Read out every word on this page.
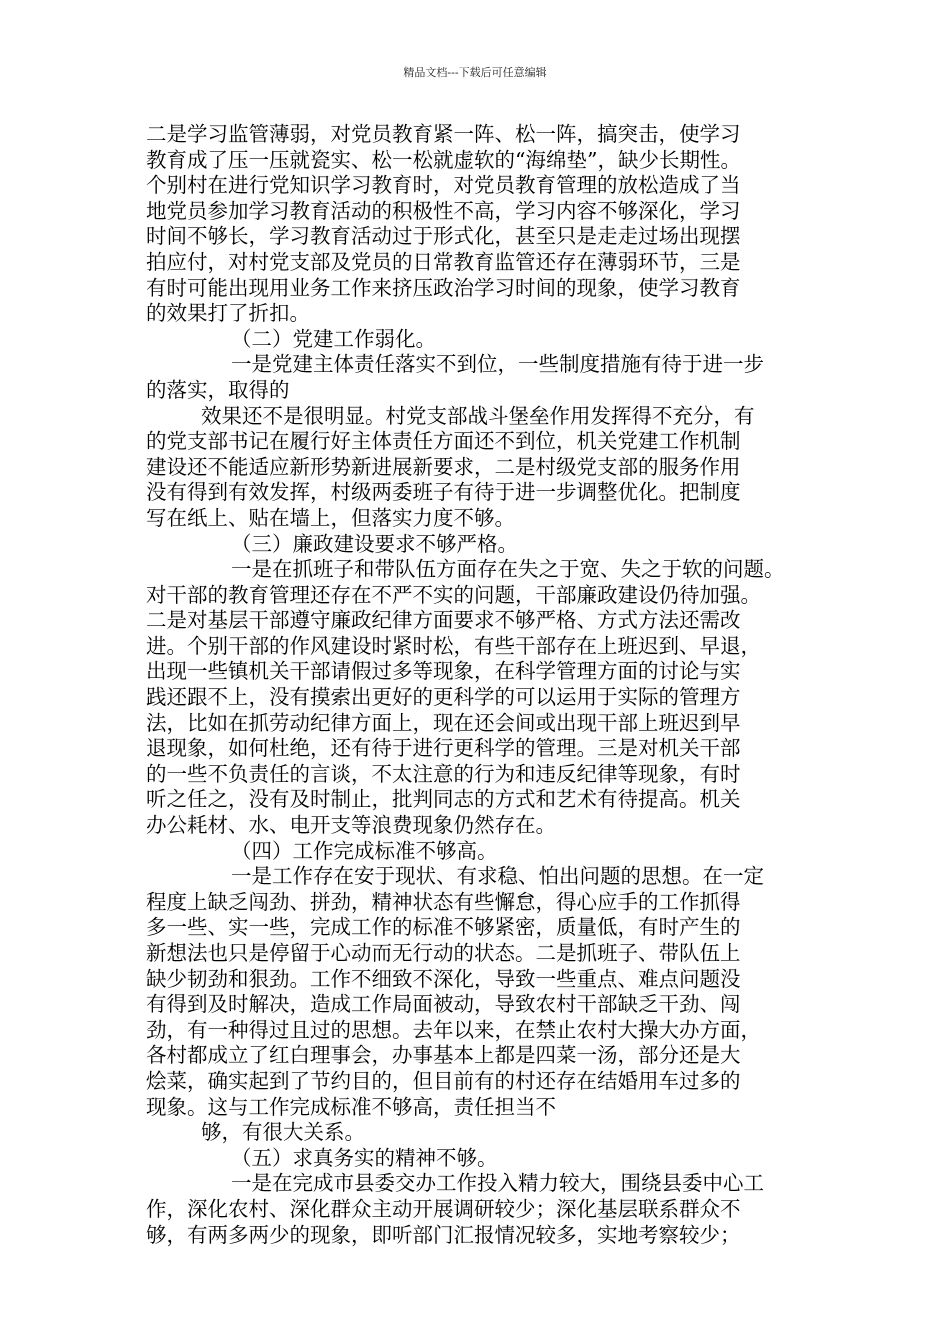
精品文档---下载后可任意编辑
二是学习监管薄弱，对党员教育紧一阵、松一阵，搞突击，使学习
教育成了压一压就瓷实、松一松就虚软的“海绵垫”，缺少长期性。
个别村在进行党知识学习教育时，对党员教育管理的放松造成了当
地党员参加学习教育活动的积极性不高，学习内容不够深化，学习
时间不够长，学习教育活动过于形式化，甚至只是走走过场出现摆
拍应付，对村党支部及党员的日常教育监管还存在薄弱环节，三是
有时可能出现用业务工作来挤压政治学习时间的现象，使学习教育
的效果打了折扣。
（二）党建工作弱化。
一是党建主体责任落实不到位，一些制度措施有待于进一步
的落实，取得的
效果还不是很明显。村党支部战斗堡垒作用发挥得不充分，有
的党支部书记在履行好主体责任方面还不到位，机关党建工作机制
建设还不能适应新形势新进展新要求，二是村级党支部的服务作用
没有得到有效发挥，村级两委班子有待于进一步调整优化。把制度
写在纸上、贴在墙上，但落实力度不够。
（三）廉政建设要求不够严格。
一是在抓班子和带队伍方面存在失之于宽、失之于软的问题。
对干部的教育管理还存在不严不实的问题，干部廉政建设仍待加强。
二是对基层干部遵守廉政纪律方面要求不够严格、方式方法还需改
进。个别干部的作风建设时紧时松，有些干部存在上班迟到、早退，
出现一些镇机关干部请假过多等现象，在科学管理方面的讨论与实
践还跟不上，没有摸索出更好的更科学的可以运用于实际的管理方
法，比如在抓劳动纪律方面上，现在还会间或出现干部上班迟到早
退现象，如何杜绝，还有待于进行更科学的管理。三是对机关干部
的一些不负责任的言谈，不太注意的行为和违反纪律等现象，有时
听之任之，没有及时制止，批判同志的方式和艺术有待提高。机关
办公耗材、水、电开支等浪费现象仍然存在。
（四）工作完成标准不够高。
一是工作存在安于现状、有求稳、怕出问题的思想。在一定
程度上缺乏闯劲、拼劲，精神状态有些懈怠，得心应手的工作抓得
多一些、实一些，完成工作的标准不够紧密，质量低，有时产生的
新想法也只是停留于心动而无行动的状态。二是抓班子、带队伍上
缺少韧劲和狠劲。工作不细致不深化，导致一些重点、难点问题没
有得到及时解决，造成工作局面被动，导致农村干部缺乏干劲、闯
劲，有一种得过且过的思想。去年以来，在禁止农村大操大办方面，
各村都成立了红白理事会，办事基本上都是四菜一汤，部分还是大
烩菜，确实起到了节约目的，但目前有的村还存在结婚用车过多的
现象。这与工作完成标准不够高，责任担当不
够，有很大关系。
（五）求真务实的精神不够。
一是在完成市县委交办工作投入精力较大，围绕县委中心工
作，深化农村、深化群众主动开展调研较少；深化基层联系群众不
够，有两多两少的现象，即听部门汇报情况较多，实地考察较少；
